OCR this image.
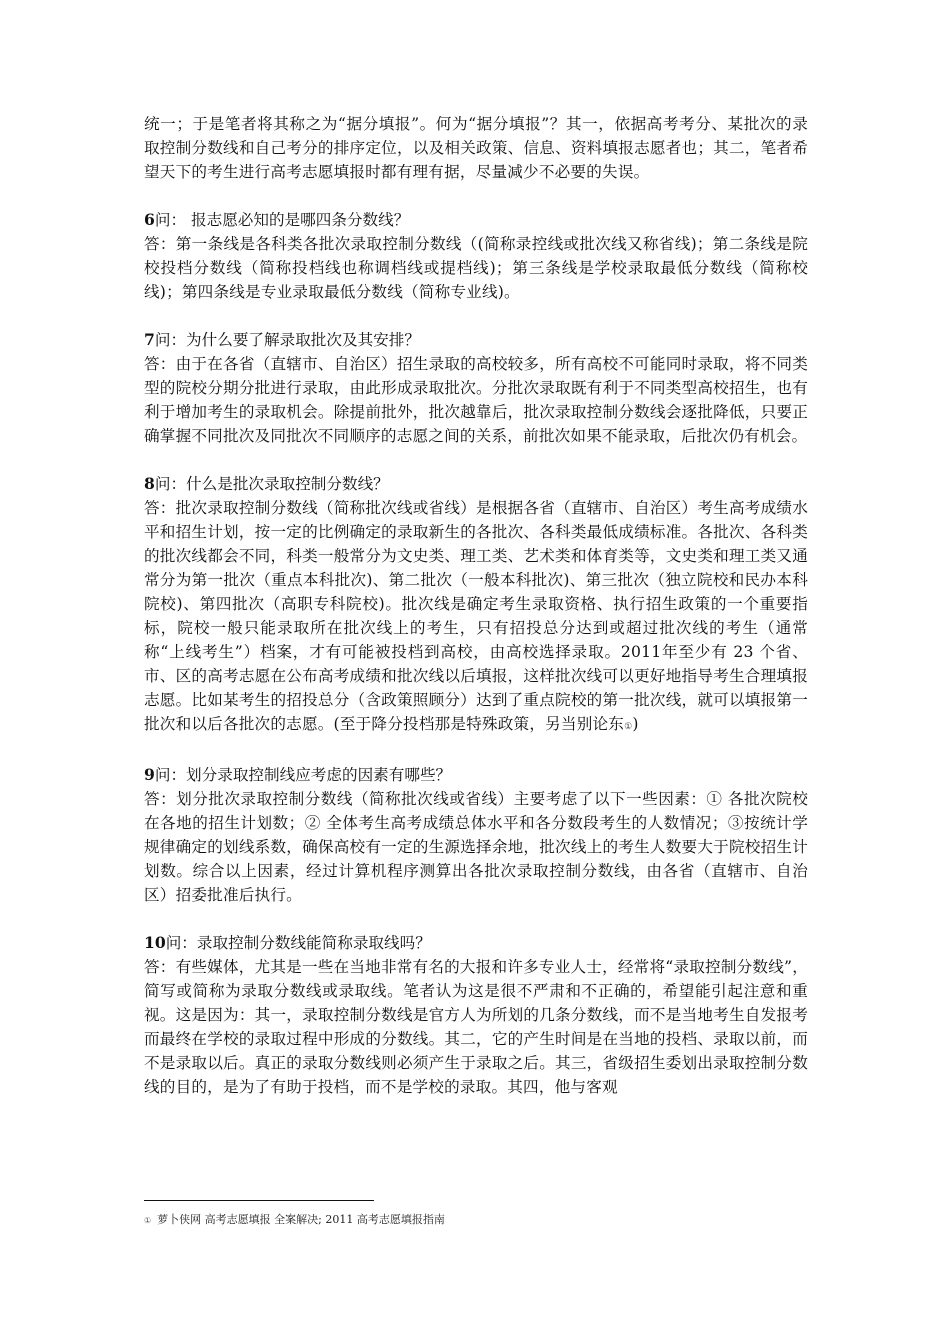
统一；于是笔者将其称之为“据分填报”。何为“据分填报”？其一，依据高考考分、某批次的录取控制分数线和自己考分的排序定位，以及相关政策、信息、资料填报志愿者也；其二，笔者希望天下的考生进行高考志愿填报时都有理有据，尽量减少不必要的失误。

6问： 报志愿必知的是哪四条分数线？

答：第一条线是各科类各批次录取控制分数线（(简称录控线或批次线又称省线)；第二条线是院校投档分数线（简称投档线也称调档线或提档线)；第三条线是学校录取最低分数线（简称校线)；第四条线是专业录取最低分数线（简称专业线)。

7问：为什么要了解录取批次及其安排？

答：由于在各省（直辖市、自治区）招生录取的高校较多，所有高校不可能同时录取，将不同类型的院校分期分批进行录取，由此形成录取批次。分批次录取既有利于不同类型高校招生，也有利于增加考生的录取机会。除提前批外，批次越靠后，批次录取控制分数线会逐批降低，只要正确掌握不同批次及同批次不同顺序的志愿之间的关系，前批次如果不能录取，后批次仍有机会。

8问：什么是批次录取控制分数线？

答：批次录取控制分数线（简称批次线或省线）是根据各省（直辖市、自治区）考生高考成绩水平和招生计划，按一定的比例确定的录取新生的各批次、各科类最低成绩标准。各批次、各科类的批次线都会不同，科类一般常分为文史类、理工类、艺术类和体育类等，文史类和理工类又通常分为第一批次（重点本科批次)、第二批次（一般本科批次)、第三批次（独立院校和民办本科院校)、第四批次（高职专科院校)。批次线是确定考生录取资格、执行招生政策的一个重要指标，院校一般只能录取所在批次线上的考生，只有招投总分达到或超过批次线的考生（通常称“上线考生”）档案，才有可能被投档到高校，由高校选择录取。2011年至少有 23 个省、市、区的高考志愿在公布高考成绩和批次线以后填报，这样批次线可以更好地指导考生合理填报志愿。比如某考生的招投总分（含政策照顾分）达到了重点院校的第一批次线，就可以填报第一批次和以后各批次的志愿。(至于降分投档那是特殊政策，另当别论东①)

9问：划分录取控制线应考虑的因素有哪些？

答：划分批次录取控制分数线（简称批次线或省线）主要考虑了以下一些因素：① 各批次院校在各地的招生计划数；② 全体考生高考成绩总体水平和各分数段考生的人数情况；③按统计学规律确定的划线系数，确保高校有一定的生源选择余地，批次线上的考生人数要大于院校招生计划数。综合以上因素，经过计算机程序测算出各批次录取控制分数线，由各省（直辖市、自治区）招委批准后执行。

10问：录取控制分数线能简称录取线吗？

答：有些媒体，尤其是一些在当地非常有名的大报和许多专业人士，经常将“录取控制分数线”，简写或简称为录取分数线或录取线。笔者认为这是很不严肃和不正确的，希望能引起注意和重视。这是因为：其一，录取控制分数线是官方人为所划的几条分数线，而不是当地考生自发报考而最终在学校的录取过程中形成的分数线。其二，它的产生时间是在当地的投档、录取以前，而不是录取以后。真正的录取分数线则必须产生于录取之后。其三，省级招生委划出录取控制分数线的目的，是为了有助于投档，而不是学校的录取。其四，他与客观

① 萝卜侠网 高考志愿填报 全案解决; 2011 高考志愿填报指南
